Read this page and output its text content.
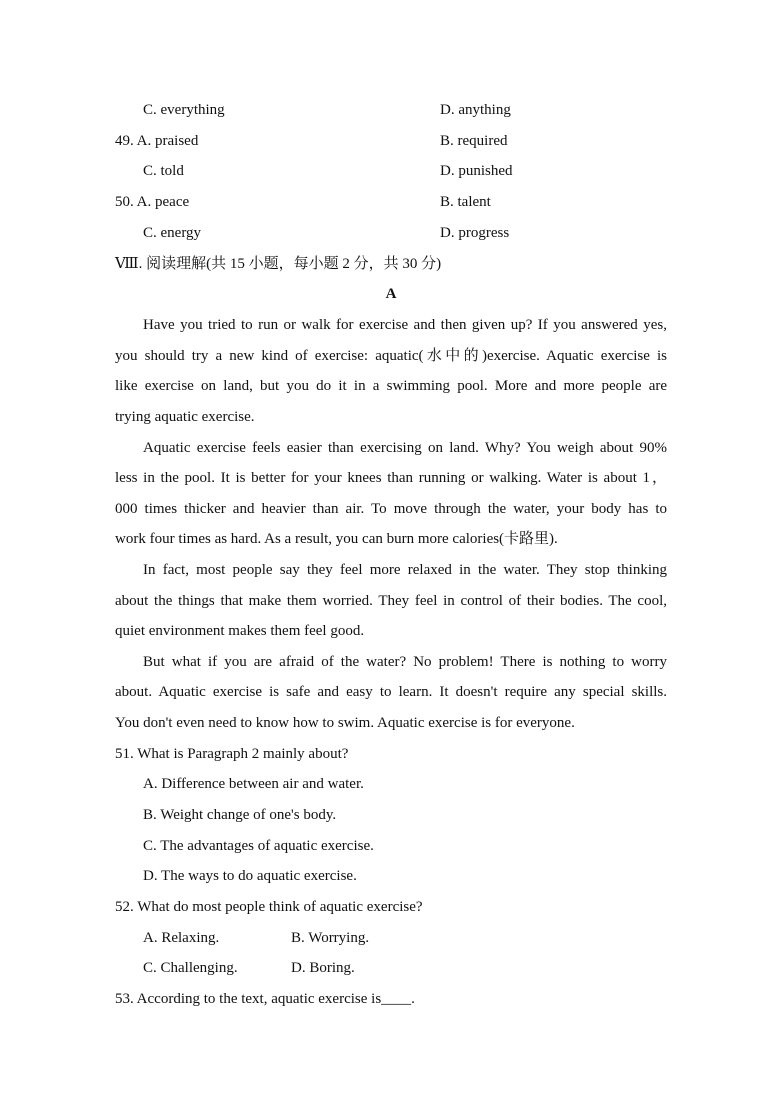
C. everything	D. anything
49. A. praised	B. required
C. told	D. punished
50. A. peace	B. talent
C. energy	D. progress
Ⅷ. 阅读理解(共 15 小题，每小题 2 分，共 30 分)
A
Have you tried to run or walk for exercise and then given up? If you answered yes,
you should try a new kind of exercise: aquatic(水中的)exercise. Aquatic exercise is
like exercise on land, but you do it in a swimming pool. More and more people are
trying aquatic exercise.
Aquatic exercise feels easier than exercising on land. Why? You weigh about 90%
less in the pool. It is better for your knees than running or walking. Water is about 1，
000 times thicker and heavier than air. To move through the water, your body has to
work four times as hard. As a result, you can burn more calories(卡路里).
In fact, most people say they feel more relaxed in the water. They stop thinking
about the things that make them worried. They feel in control of their bodies. The cool,
quiet environment makes them feel good.
But what if you are afraid of the water? No problem! There is nothing to worry
about. Aquatic exercise is safe and easy to learn. It doesn't require any special skills.
You don't even need to know how to swim. Aquatic exercise is for everyone.
51. What is Paragraph 2 mainly about?
A. Difference between air and water.
B. Weight change of one's body.
C. The advantages of aquatic exercise.
D. The ways to do aquatic exercise.
52. What do most people think of aquatic exercise?
A. Relaxing.	B. Worrying.
C. Challenging.	D. Boring.
53. According to the text, aquatic exercise is____.
